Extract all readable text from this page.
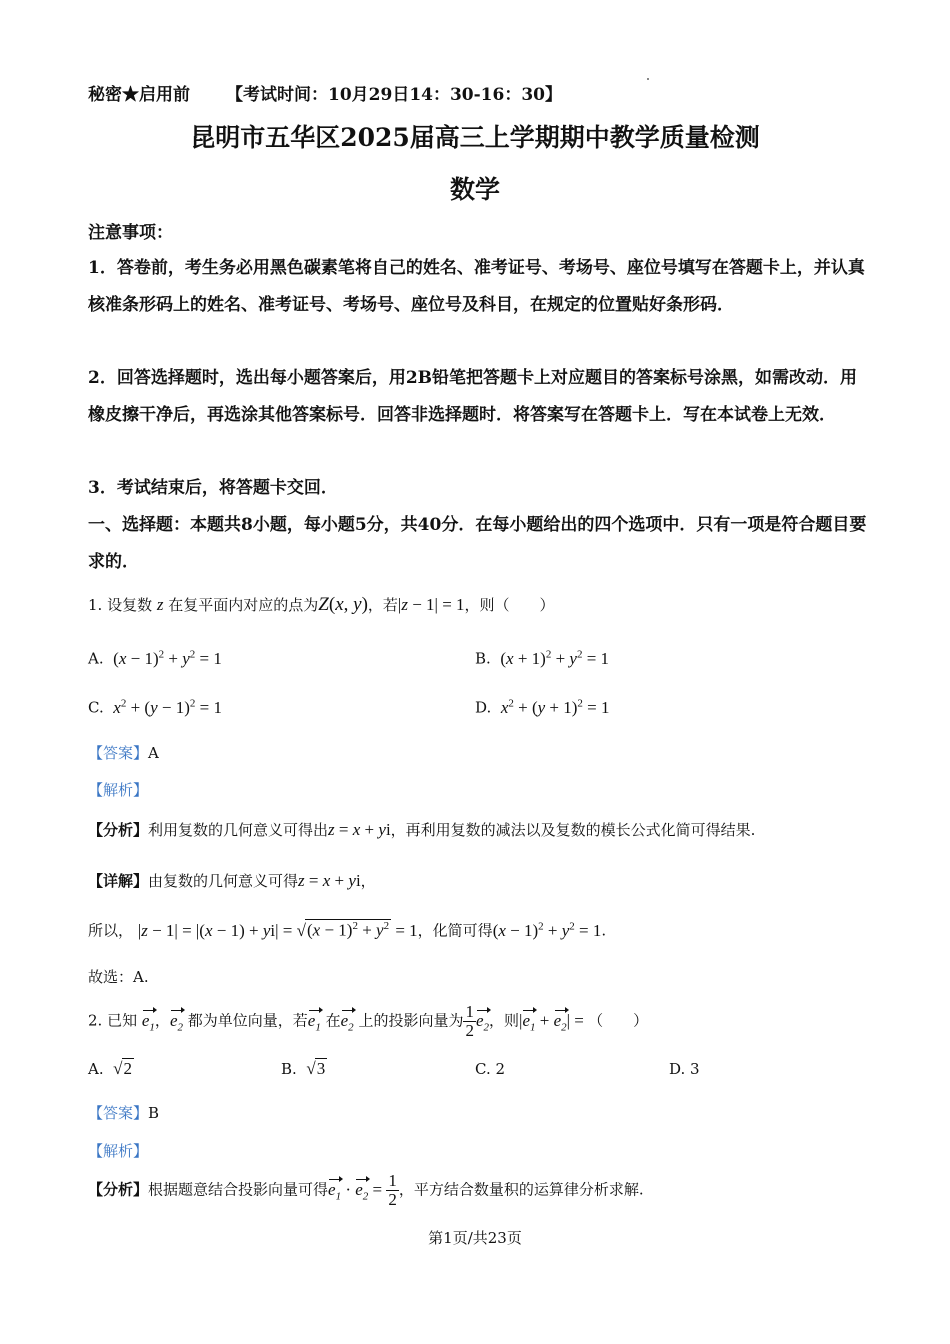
秘密★启用前 【考试时间：10月29日14：30-16：30】
昆明市五华区2025届高三上学期期中教学质量检测
数学
注意事项：
1．答卷前，考生务必用黑色碳素笔将自己的姓名、准考证号、考场号、座位号填写在答题卡上，并认真核准条形码上的姓名、准考证号、考场号、座位号及科目，在规定的位置贴好条形码．
2．回答选择题时，选出每小题答案后，用2B铅笔把答题卡上对应题目的答案标号涂黑，如需改动．用橡皮擦干净后，再选涂其他答案标号．回答非选择题时．将答案写在答题卡上．写在本试卷上无效．
3．考试结束后，将答题卡交回．
一、选择题：本题共8小题，每小题5分，共40分．在每小题给出的四个选项中．只有一项是符合题目要求的．
1. 设复数 z 在复平面内对应的点为Z(x, y)，若|z − 1| = 1，则（　　）
A. $(x - 1)^2 + y^2 = 1$	B. $(x + 1)^2 + y^2 = 1$
C. $x^2 + (y - 1)^2 = 1$	D. $x^2 + (y + 1)^2 = 1$
【答案】A
【解析】
【分析】利用复数的几何意义可得出z = x + yi，再利用复数的减法以及复数的模长公式化简可得结果.
【详解】由复数的几何意义可得z = x + yi，
所以， $|z - 1| = |(x - 1) + yi| = √(x - 1)^2 + y^2 = 1$，化简可得$(x - 1)^2 + y^2 = 1$.
故选：A.
2. 已知 $e_1$，$e_2$ 都为单位向量，若$e_1$ 在$e_2$ 上的投影向量为 $\frac{1}{2} e_2$，则$|e_1 + e_2|$ = （　　）
A. √2	B. √3	C. 2	D. 3
【答案】B
【解析】
【分析】根据题意结合投影向量可得$e_1 \cdot e_2 = \frac{1}{2}$ ，平方结合数量积的运算律分析求解.
第1页/共23页
